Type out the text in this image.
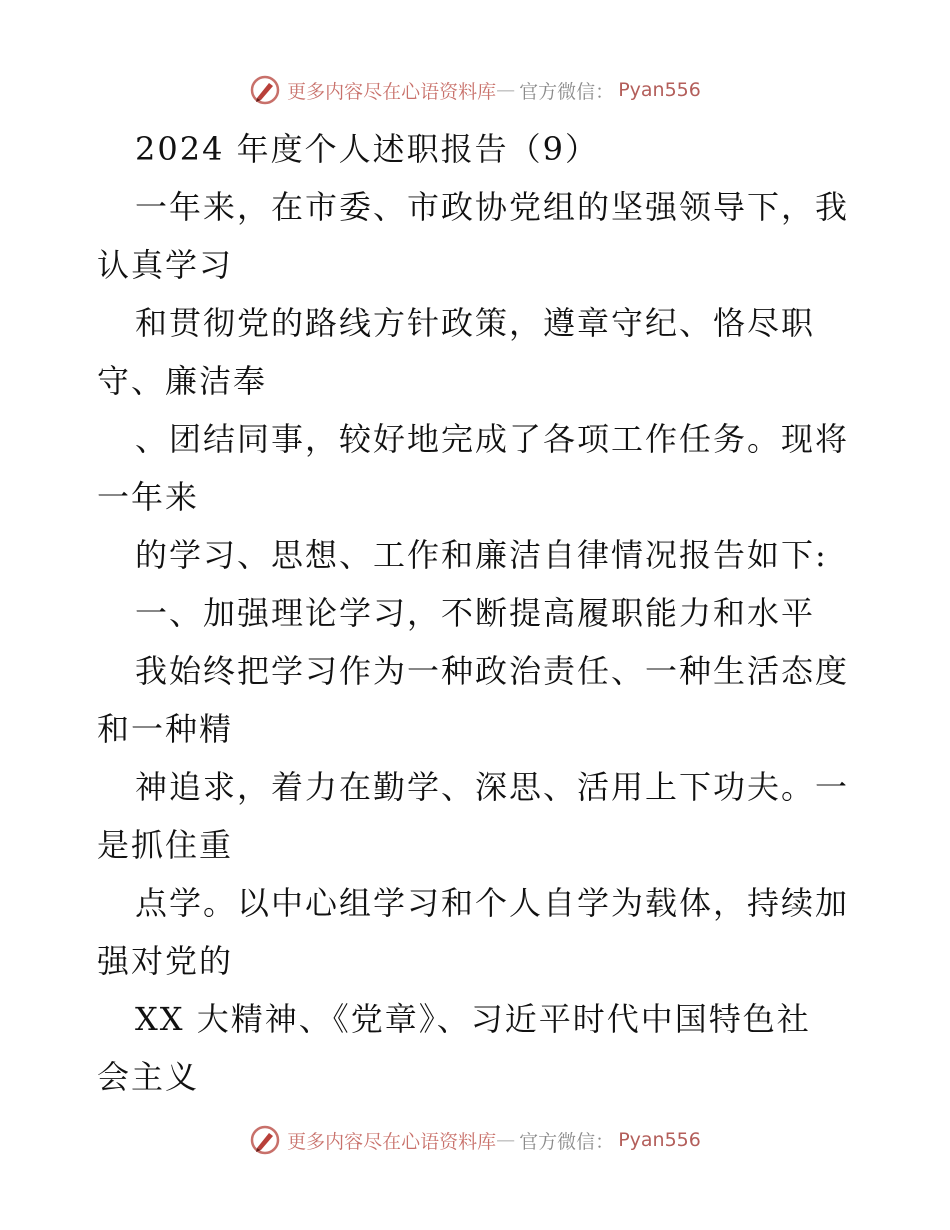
更多内容尽在心语资料库 — 官方微信： Pyan556
2024 年度个人述职报告（9）
一年来，在市委、市政协党组的坚强领导下，我
认真学习
和贯彻党的路线方针政策，遵章守纪、恪尽职
守、廉洁奉
、团结同事，较好地完成了各项工作任务。现将
一年来
的学习、思想、工作和廉洁自律情况报告如下:
一、加强理论学习，不断提高履职能力和水平
我始终把学习作为一种政治责任、一种生活态度
和一种精
神追求，着力在勤学、深思、活用上下功夫。一
是抓住重
点学。以中心组学习和个人自学为载体，持续加
强对党的
XX 大精神、《党章》、习近平时代中国特色社
会主义
更多内容尽在心语资料库 — 官方微信： Pyan556
